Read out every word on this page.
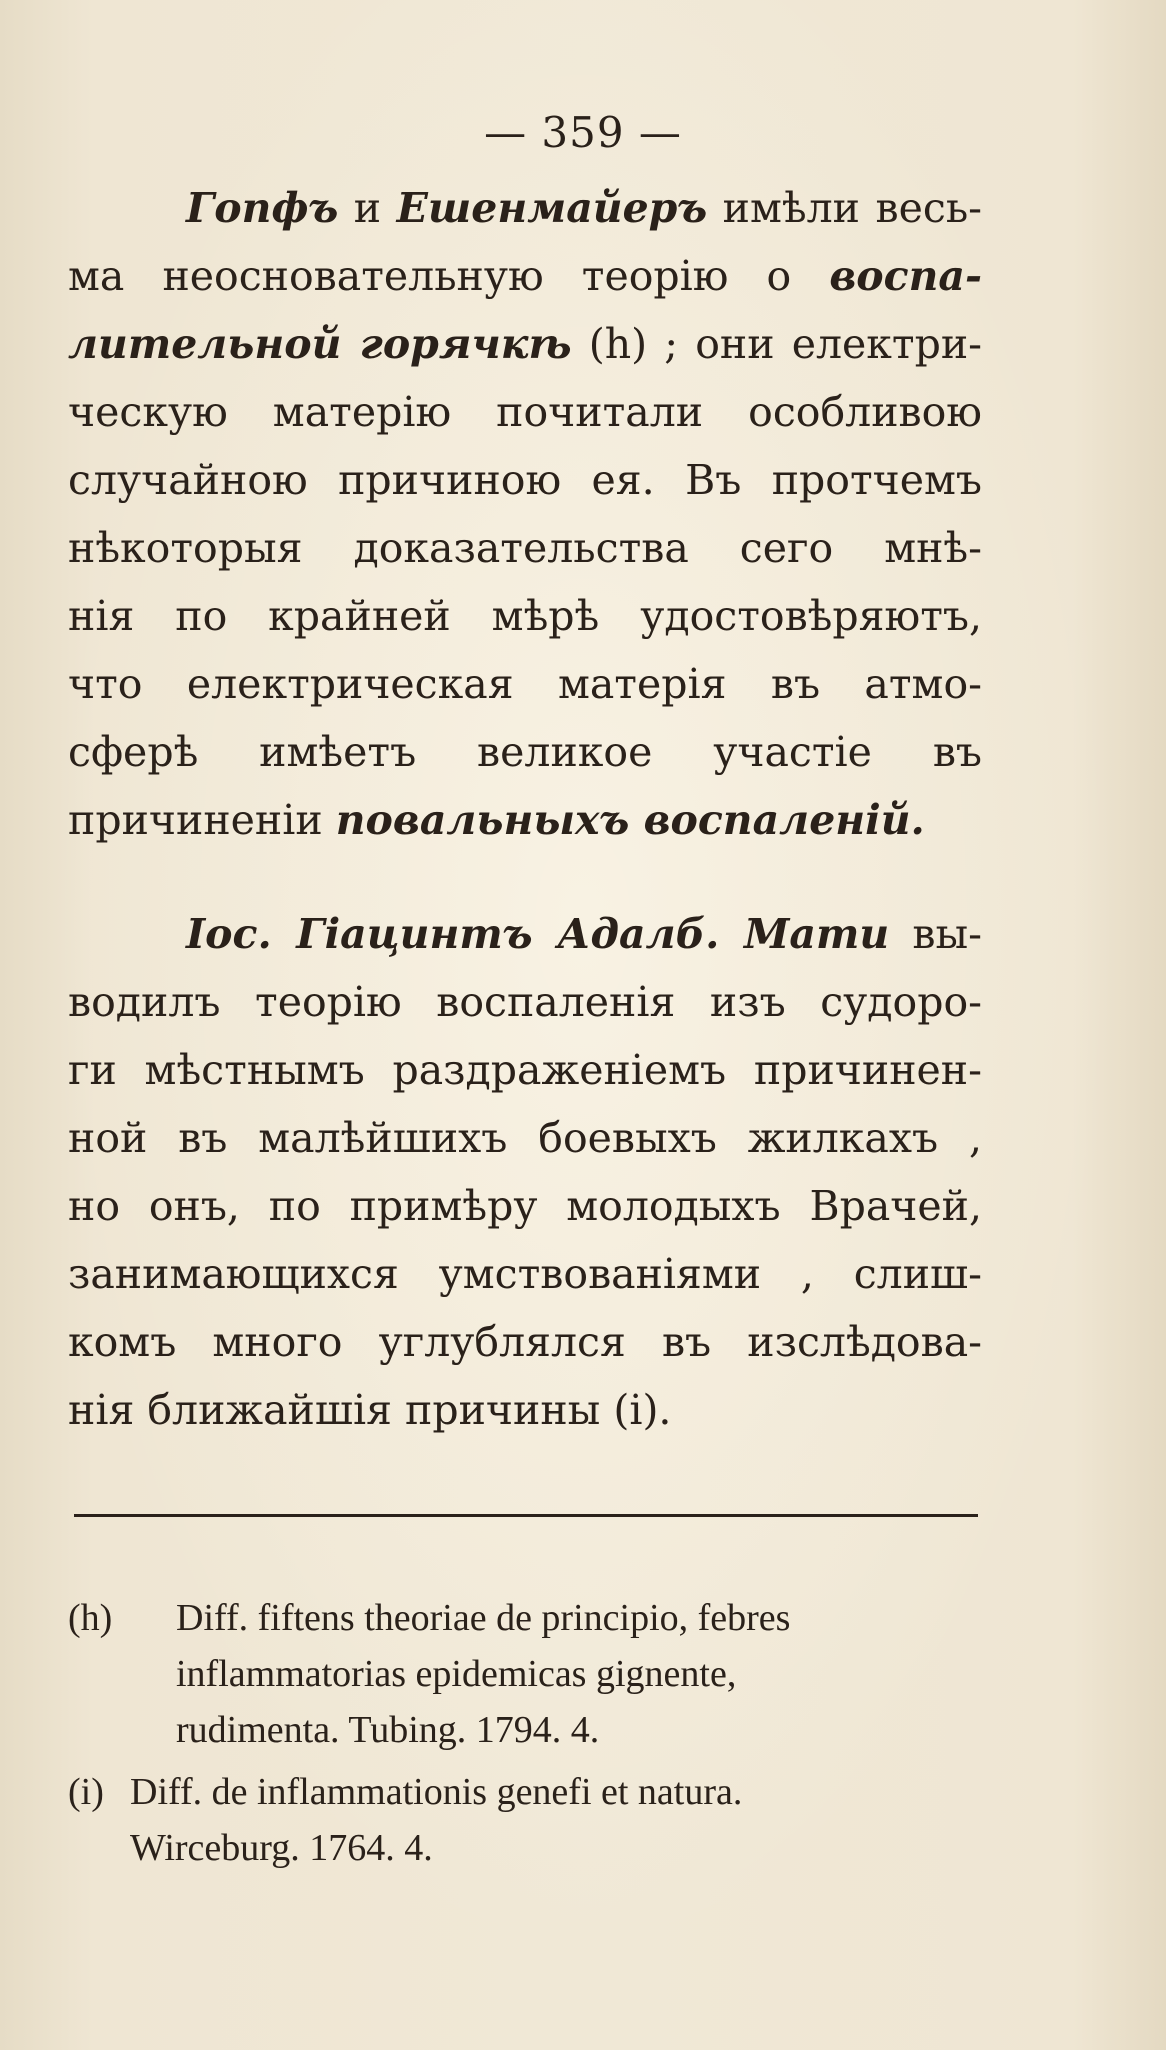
— 359 —
Гопфъ и Ешенмайеръ имѣли весь-
ма неосновательную теорію о воспа-
лительной горячкѣ (h) ; они електри-
ческую матерію почитали особливою
случайною причиною ея. Въ протчемъ
нѣкоторыя доказательства сего мнѣ-
нія по крайней мѣрѣ удостовѣряютъ,
что електрическая матерія въ атмо-
сферѣ имѣетъ великое участіе въ
причиненіи повальныхъ воспаленій.
Іос. Гіацинтъ Адалб. Мати вы-
водилъ теорію воспаленія изъ судоро-
ги мѣстнымъ раздраженіемъ причинен-
ной въ малѣйшихъ боевыхъ жилкахъ ,
но онъ, по примѣру молодыхъ Врачей,
занимающихся умствованіями , слиш-
комъ много углублялся въ изслѣдова-
нія ближайшія причины (i).
(h) Diff. fiftens theoriae de principio, febres
inflammatorias epidemicas gignente,
rudimenta. Tubing. 1794. 4.
(i) Diff. de inflammationis genefi et natura.
Wirceburg. 1764. 4.
